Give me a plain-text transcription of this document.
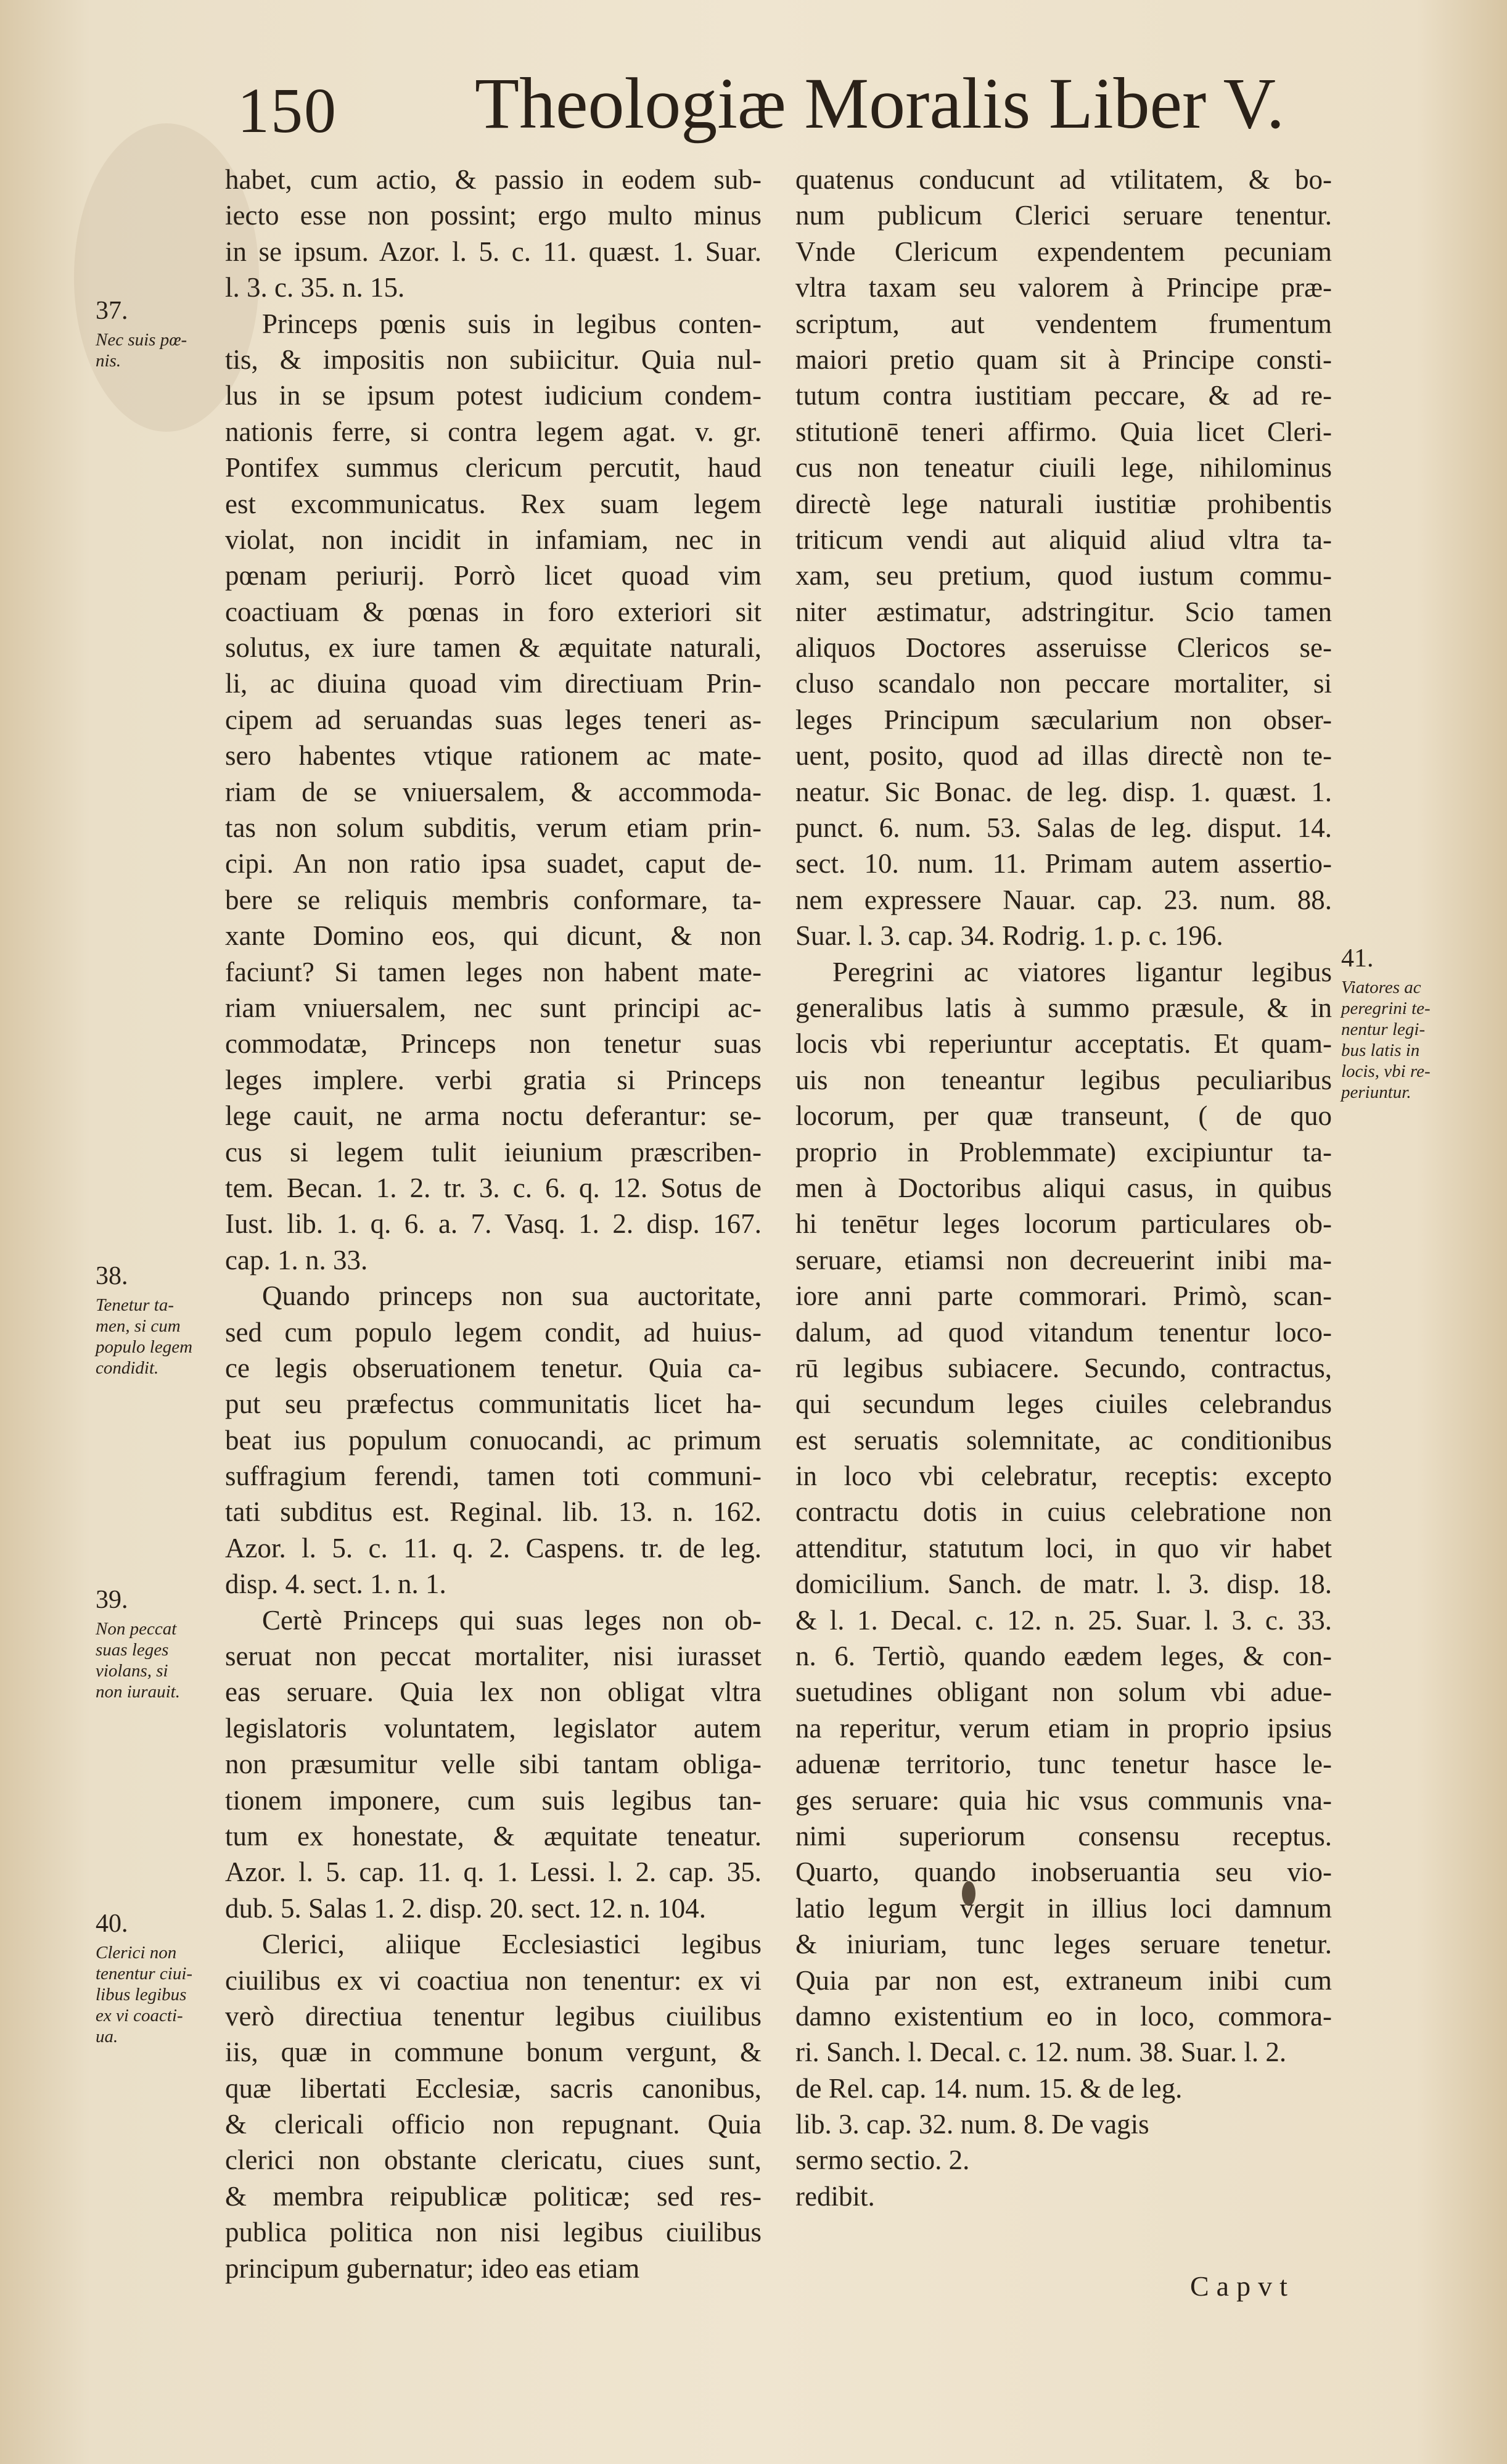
150 Theologiæ Moralis Liber V.
habet, cum actio, & passio in eodem sub-
iecto esse non possint; ergo multo minus
in se ipsum. Azor. l. 5. c. 11. quæst. 1. Suar.
l. 3. c. 35. n. 15.
Princeps pœnis suis in legibus conten-
tis, & impositis non subiicitur. Quia nul-
lus in se ipsum potest iudicium condem-
nationis ferre, si contra legem agat. v. gr.
Pontifex summus clericum percutit, haud
est excommunicatus. Rex suam legem
violat, non incidit in infamiam, nec in
pœnam periurij. Porrò licet quoad vim
coactiuam & pœnas in foro exteriori sit
solutus, ex iure tamen & æquitate naturali,
li, ac diuina quoad vim directiuam Prin-
cipem ad seruandas suas leges teneri as-
sero habentes vtique rationem ac mate-
riam de se vniuersalem, & accommoda-
tas non solum subditis, verum etiam prin-
cipi. An non ratio ipsa suadet, caput de-
bere se reliquis membris conformare, ta-
xante Domino eos, qui dicunt, & non
faciunt? Si tamen leges non habent mate-
riam vniuersalem, nec sunt principi ac-
commodatæ, Princeps non tenetur suas
leges implere. verbi gratia si Princeps
lege cauit, ne arma noctu deferantur: se-
cus si legem tulit ieiunium præscriben-
tem. Becan. 1. 2. tr. 3. c. 6. q. 12. Sotus de
Iust. lib. 1. q. 6. a. 7. Vasq. 1. 2. disp. 167.
cap. 1. n. 33.
Quando princeps non sua auctoritate,
sed cum populo legem condit, ad huius-
ce legis obseruationem tenetur. Quia ca-
put seu præfectus communitatis licet ha-
beat ius populum conuocandi, ac primum
suffragium ferendi, tamen toti communi-
tati subditus est. Reginal. lib. 13. n. 162.
Azor. l. 5. c. 11. q. 2. Caspens. tr. de leg.
disp. 4. sect. 1. n. 1.
Certè Princeps qui suas leges non ob-
seruat non peccat mortaliter, nisi iurasset
eas seruare. Quia lex non obligat vltra
legislatoris voluntatem, legislator autem
non præsumitur velle sibi tantam obliga-
tionem imponere, cum suis legibus tan-
tum ex honestate, & æquitate teneatur.
Azor. l. 5. cap. 11. q. 1. Lessi. l. 2. cap. 35.
dub. 5. Salas 1. 2. disp. 20. sect. 12. n. 104.
Clerici, aliique Ecclesiastici legibus
ciuilibus ex vi coactiua non tenentur: ex vi
verò directiua tenentur legibus ciuilibus
iis, quæ in commune bonum vergunt, &
quæ libertati Ecclesiæ, sacris canonibus,
& clericali officio non repugnant. Quia
clerici non obstante clericatu, ciues sunt,
& membra reipublicæ politicæ; sed res-
publica politica non nisi legibus ciuilibus
principum gubernatur; ideo eas etiam
quatenus conducunt ad vtilitatem, & bo-
num publicum Clerici seruare tenentur.
Vnde Clericum expendentem pecuniam
vltra taxam seu valorem à Principe præ-
scriptum, aut vendentem frumentum
maiori pretio quam sit à Principe consti-
tutum contra iustitiam peccare, & ad re-
stitutionē teneri affirmo. Quia licet Cleri-
cus non teneatur ciuili lege, nihilominus
directè lege naturali iustitiæ prohibentis
triticum vendi aut aliquid aliud vltra ta-
xam, seu pretium, quod iustum commu-
niter æstimatur, adstringitur. Scio tamen
aliquos Doctores asseruisse Clericos se-
cluso scandalo non peccare mortaliter, si
leges Principum sæcularium non obser-
uent, posito, quod ad illas directè non te-
neatur. Sic Bonac. de leg. disp. 1. quæst. 1.
punct. 6. num. 53. Salas de leg. disput. 14.
sect. 10. num. 11. Primam autem assertio-
nem expressere Nauar. cap. 23. num. 88.
Suar. l. 3. cap. 34. Rodrig. 1. p. c. 196.
Peregrini ac viatores ligantur legibus
generalibus latis à summo præsule, & in
locis vbi reperiuntur acceptatis. Et quam-
uis non teneantur legibus peculiaribus
locorum, per quæ transeunt, ( de quo
proprio in Problemmate) excipiuntur ta-
men à Doctoribus aliqui casus, in quibus
hi tenētur leges locorum particulares ob-
seruare, etiamsi non decreuerint inibi ma-
iore anni parte commorari. Primò, scan-
dalum, ad quod vitandum tenentur loco-
rū legibus subiacere. Secundo, contractus,
qui secundum leges ciuiles celebrandus
est seruatis solemnitate, ac conditionibus
in loco vbi celebratur, receptis: excepto
contractu dotis in cuius celebratione non
attenditur, statutum loci, in quo vir habet
domicilium. Sanch. de matr. l. 3. disp. 18.
& l. 1. Decal. c. 12. n. 25. Suar. l. 3. c. 33.
n. 6. Tertiò, quando eædem leges, & con-
suetudines obligant non solum vbi adue-
na reperitur, verum etiam in proprio ipsius
aduenæ territorio, tunc tenetur hasce le-
ges seruare: quia hic vsus communis vna-
nimi superiorum consensu receptus.
Quarto, quando inobseruantia seu vio-
latio legum vergit in illius loci damnum
& iniuriam, tunc leges seruare tenetur.
Quia par non est, extraneum inibi cum
damno existentium eo in loco, commora-
ri. Sanch. l. Decal. c. 12. num. 38. Suar. l. 2.
de Rel. cap. 14. num. 15. & de leg.
lib. 3. cap. 32. num. 8. De vagis
sermo sectio. 2.
redibit.
37.
Nec suis pœ-
nis.
38.
Tenetur ta-
men, si cum
populo legem
condidit.
39.
Non peccat
suas leges
violans, si
non iurauit.
40.
Clerici non
tenentur ciui-
libus legibus
ex vi coacti-
ua.
41.
Viatores ac
peregrini te-
nentur legi-
bus latis in
locis, vbi re-
periuntur.
Capvt
